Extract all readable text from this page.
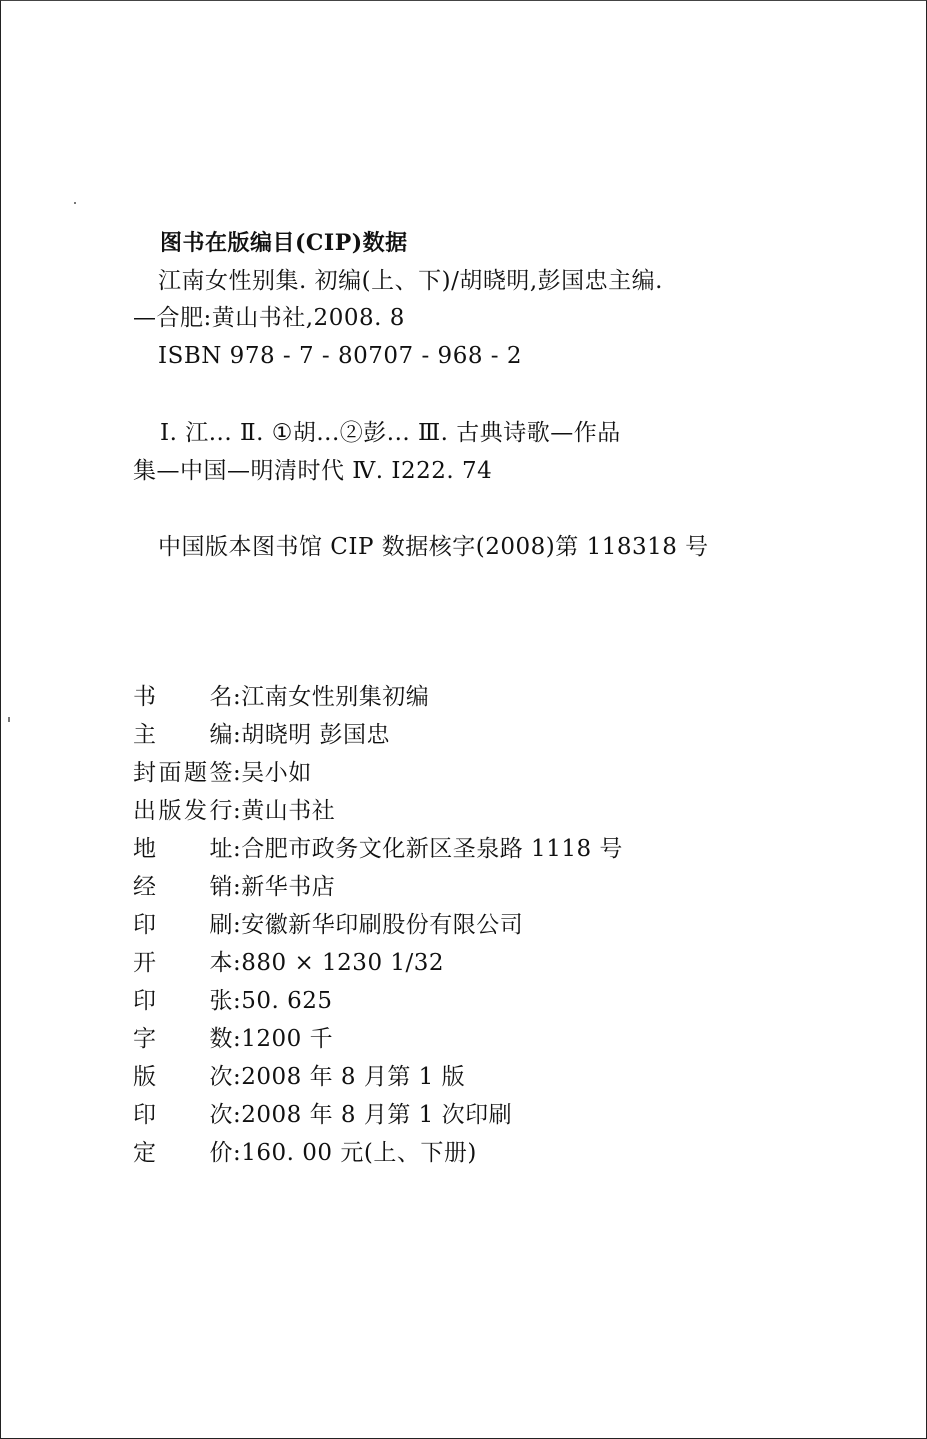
图书在版编目(CIP)数据
江南女性别集. 初编(上、下)/胡晓明,彭国忠主编.
—合肥:黄山书社,2008. 8
ISBN 978 - 7 - 80707 - 968 - 2
Ⅰ. 江... Ⅱ. ①胡...②彭... Ⅲ. 古典诗歌—作品
集—中国—明清时代 Ⅳ. I222. 74
中国版本图书馆 CIP 数据核字(2008)第 118318 号
书名:江南女性别集初编
主编:胡晓明 彭国忠
封面题签:吴小如
出版发行:黄山书社
地址:合肥市政务文化新区圣泉路 1118 号
经销:新华书店
印刷:安徽新华印刷股份有限公司
开本:880 × 1230 1/32
印张:50. 625
字数:1200 千
版次:2008 年 8 月第 1 版
印次:2008 年 8 月第 1 次印刷
定价:160. 00 元(上、下册)
